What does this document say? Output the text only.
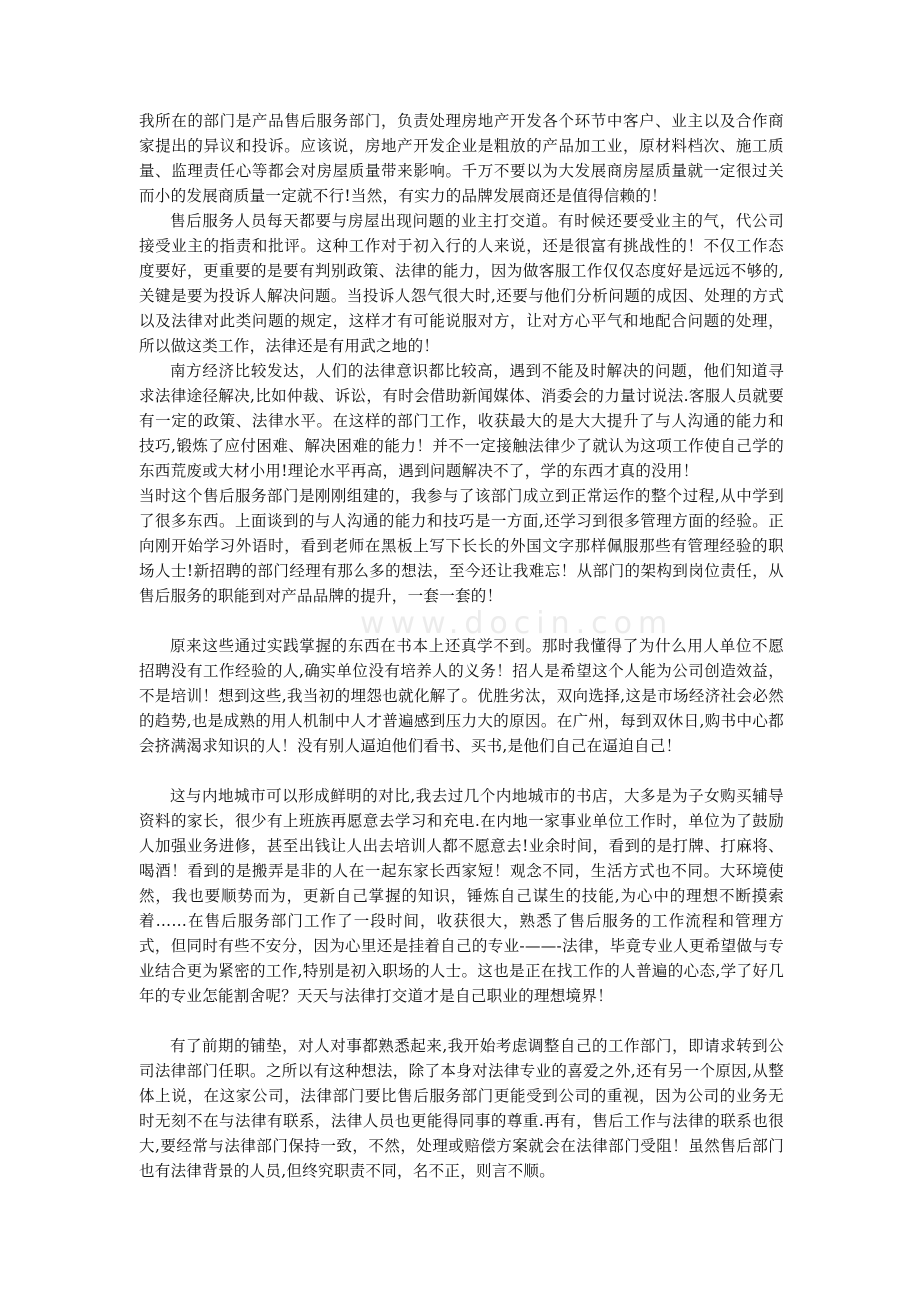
www.docin.com

我所在的部门是产品售后服务部门，负责处理房地产开发各个环节中客户、业主以及合作商家提出的异议和投诉。应该说，房地产开发企业是粗放的产品加工业，原材料档次、施工质量、监理责任心等都会对房屋质量带来影响。千万不要以为大发展商房屋质量就一定很过关而小的发展商质量一定就不行!当然，有实力的品牌发展商还是值得信赖的！

售后服务人员每天都要与房屋出现问题的业主打交道。有时候还要受业主的气，代公司接受业主的指责和批评。这种工作对于初入行的人来说，还是很富有挑战性的！不仅工作态度要好，更重要的是要有判别政策、法律的能力，因为做客服工作仅仅态度好是远远不够的,关键是要为投诉人解决问题。当投诉人怨气很大时,还要与他们分析问题的成因、处理的方式以及法律对此类问题的规定，这样才有可能说服对方，让对方心平气和地配合问题的处理，所以做这类工作，法律还是有用武之地的！

南方经济比较发达，人们的法律意识都比较高，遇到不能及时解决的问题，他们知道寻求法律途径解决,比如仲裁、诉讼，有时会借助新闻媒体、消委会的力量讨说法.客服人员就要有一定的政策、法律水平。在这样的部门工作，收获最大的是大大提升了与人沟通的能力和技巧,锻炼了应付困难、解决困难的能力！并不一定接触法律少了就认为这项工作使自己学的东西荒废或大材小用!理论水平再高，遇到问题解决不了，学的东西才真的没用！

当时这个售后服务部门是刚刚组建的，我参与了该部门成立到正常运作的整个过程,从中学到了很多东西。上面谈到的与人沟通的能力和技巧是一方面,还学习到很多管理方面的经验。正向刚开始学习外语时，看到老师在黑板上写下长长的外国文字那样佩服那些有管理经验的职场人士!新招聘的部门经理有那么多的想法，至今还让我难忘！从部门的架构到岗位责任，从售后服务的职能到对产品品牌的提升，一套一套的！

原来这些通过实践掌握的东西在书本上还真学不到。那时我懂得了为什么用人单位不愿招聘没有工作经验的人,确实单位没有培养人的义务！招人是希望这个人能为公司创造效益，不是培训！想到这些,我当初的埋怨也就化解了。优胜劣汰，双向选择,这是市场经济社会必然的趋势,也是成熟的用人机制中人才普遍感到压力大的原因。在广州，每到双休日,购书中心都会挤满渴求知识的人！没有别人逼迫他们看书、买书,是他们自己在逼迫自己！

这与内地城市可以形成鲜明的对比,我去过几个内地城市的书店，大多是为子女购买辅导资料的家长，很少有上班族再愿意去学习和充电.在内地一家事业单位工作时，单位为了鼓励人加强业务进修，甚至出钱让人出去培训人都不愿意去!业余时间，看到的是打牌、打麻将、喝酒！看到的是搬弄是非的人在一起东家长西家短！观念不同，生活方式也不同。大环境使然，我也要顺势而为，更新自己掌握的知识，锤炼自己谋生的技能,为心中的理想不断摸索着……在售后服务部门工作了一段时间，收获很大，熟悉了售后服务的工作流程和管理方式，但同时有些不安分，因为心里还是挂着自己的专业-——-法律，毕竟专业人更希望做与专业结合更为紧密的工作,特别是初入职场的人士。这也是正在找工作的人普遍的心态,学了好几年的专业怎能割舍呢？天天与法律打交道才是自己职业的理想境界！

有了前期的铺垫，对人对事都熟悉起来,我开始考虑调整自己的工作部门，即请求转到公司法律部门任职。之所以有这种想法，除了本身对法律专业的喜爱之外,还有另一个原因,从整体上说，在这家公司，法律部门要比售后服务部门更能受到公司的重视，因为公司的业务无时无刻不在与法律有联系，法律人员也更能得同事的尊重.再有，售后工作与法律的联系也很大,要经常与法律部门保持一致，不然，处理或赔偿方案就会在法律部门受阻！虽然售后部门也有法律背景的人员,但终究职责不同，名不正，则言不顺。
